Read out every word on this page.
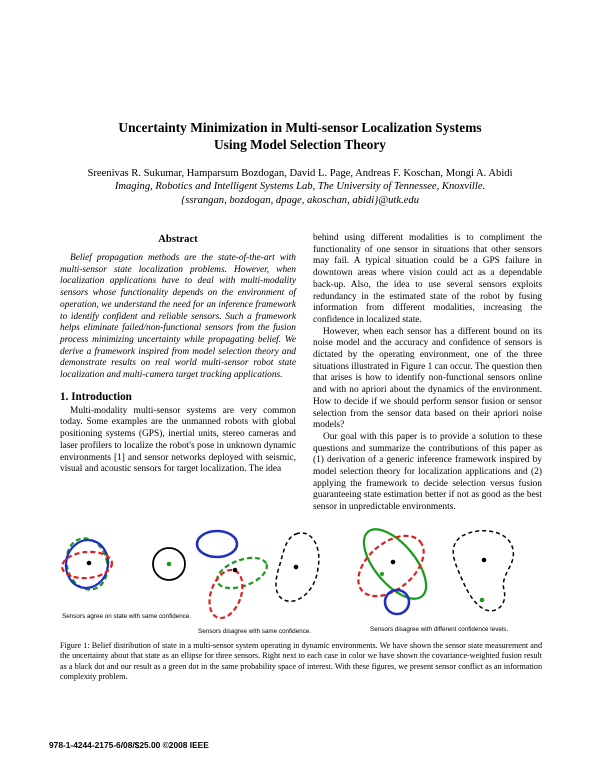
Uncertainty Minimization in Multi-sensor Localization Systems
Using Model Selection Theory
Sreenivas R. Sukumar, Hamparsum Bozdogan, David L. Page, Andreas F. Koschan, Mongi A. Abidi
Imaging, Robotics and Intelligent Systems Lab, The University of Tennessee, Knoxville.
{ssrangan, bozdogan, dpage, akoschan, abidi}@utk.edu
Abstract

Belief propagation methods are the state-of-the-art with multi-sensor state localization problems. However, when localization applications have to deal with multi-modality sensors whose functionality depends on the environment of operation, we understand the need for an inference framework to identify confident and reliable sensors. Such a framework helps eliminate failed/non-functional sensors from the fusion process minimizing uncertainty while propagating belief. We derive a framework inspired from model selection theory and demonstrate results on real world multi-sensor robot state localization and multi-camera target tracking applications.

1. Introduction

Multi-modality multi-sensor systems are very common today. Some examples are the unmanned robots with global positioning systems (GPS), inertial units, stereo cameras and laser profilers to localize the robot's pose in unknown dynamic environments [1] and sensor networks deployed with seismic, visual and acoustic sensors for target localization. The idea

behind using different modalities is to compliment the functionality of one sensor in situations that other sensors may fail. A typical situation could be a GPS failure in downtown areas where vision could act as a dependable back-up. Also, the idea to use several sensors exploits redundancy in the estimated state of the robot by fusing information from different modalities, increasing the confidence in localized state.

However, when each sensor has a different bound on its noise model and the accuracy and confidence of sensors is dictated by the operating environment, one of the three situations illustrated in Figure 1 can occur. The question then that arises is how to identify non-functional sensors online and with no apriori about the dynamics of the environment. How to decide if we should perform sensor fusion or sensor selection from the sensor data based on their apriori noise models?

Our goal with this paper is to provide a solution to these questions and summarize the contributions of this paper as (1) derivation of a generic inference framework inspired by model selection theory for localization applications and (2) applying the framework to decide selection versus fusion guaranteeing state estimation better if not as good as the best sensor in unpredictable environments.

Sensors agree on state with same confidence.
Sensors disagree with same confidence.	Sensors disagree with different confidence levels.
Figure 1: Belief distribution of state in a multi-sensor system operating in dynamic environments. We have shown the sensor state measurement and the uncertainty about that state as an ellipse for three sensors. Right next to each case in color we have shown the covariance-weighted fusion result as a black dot and our result as a green dot in the same probability space of interest. With these figures, we present sensor conflict as an information complexity problem.
978-1-4244-2175-6/08/$25.00 ©2008 IEEE
